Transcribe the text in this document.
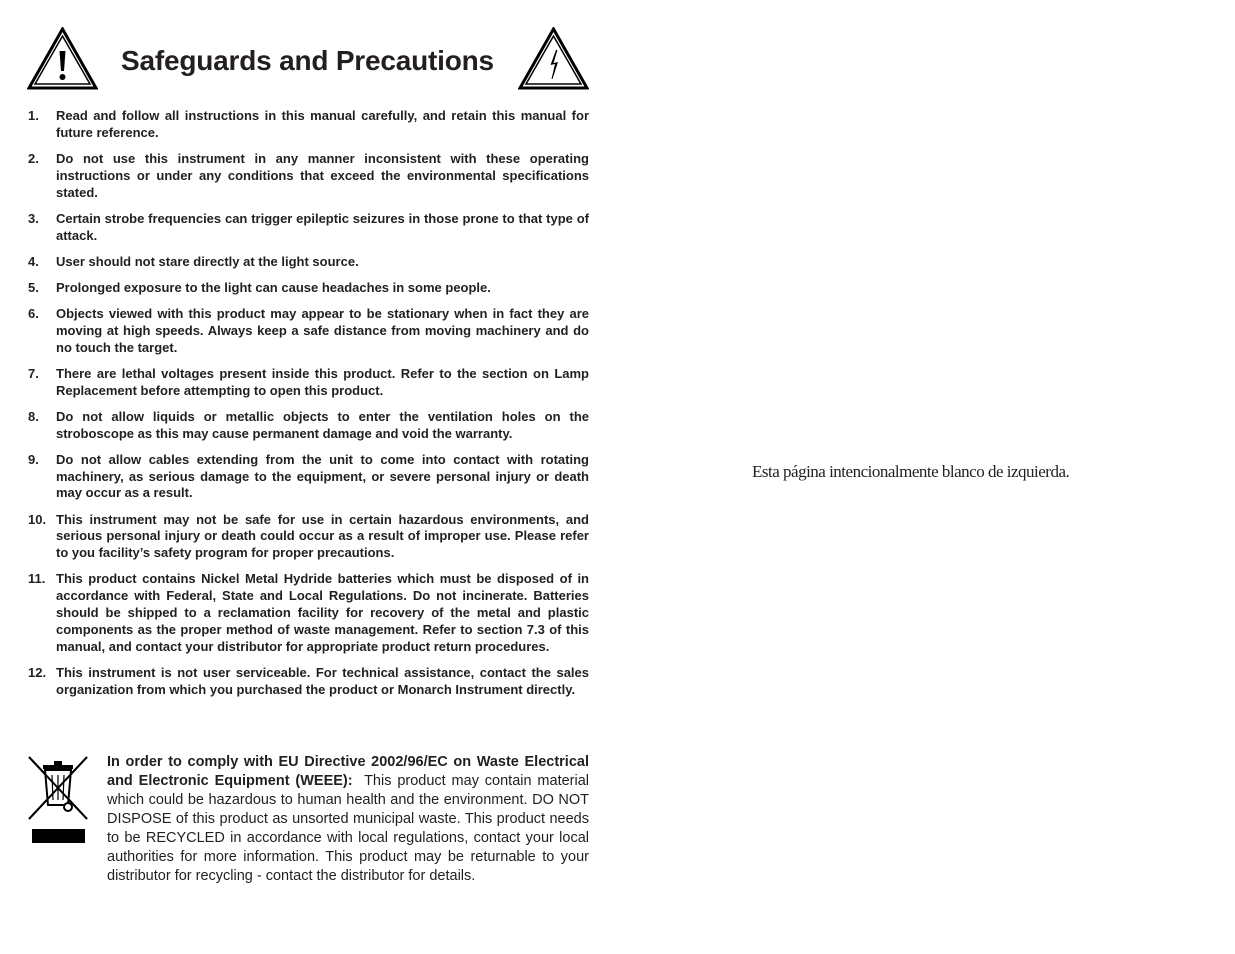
Safeguards and Precautions
1. Read and follow all instructions in this manual carefully, and retain this manual for future reference.
2. Do not use this instrument in any manner inconsistent with these operating instructions or under any conditions that exceed the environmental specifications stated.
3. Certain strobe frequencies can trigger epileptic seizures in those prone to that type of attack.
4. User should not stare directly at the light source.
5. Prolonged exposure to the light can cause headaches in some people.
6. Objects viewed with this product may appear to be stationary when in fact they are moving at high speeds. Always keep a safe distance from moving machinery and do no touch the target.
7. There are lethal voltages present inside this product. Refer to the section on Lamp Replacement before attempting to open this product.
8. Do not allow liquids or metallic objects to enter the ventilation holes on the stroboscope as this may cause permanent damage and void the warranty.
9. Do not allow cables extending from the unit to come into contact with rotating machinery, as serious damage to the equipment, or severe personal injury or death may occur as a result.
10. This instrument may not be safe for use in certain hazardous environments, and serious personal injury or death could occur as a result of improper use. Please refer to you facility’s safety program for proper precautions.
11. This product contains Nickel Metal Hydride batteries which must be disposed of in accordance with Federal, State and Local Regulations. Do not incinerate. Batteries should be shipped to a reclamation facility for recovery of the metal and plastic components as the proper method of waste management. Refer to section 7.3 of this manual, and contact your distributor for appropriate product return procedures.
12. This instrument is not user serviceable. For technical assistance, contact the sales organization from which you purchased the product or Monarch Instrument directly.
In order to comply with EU Directive 2002/96/EC on Waste Electrical and Electronic Equipment (WEEE): This product may contain material which could be hazardous to human health and the environment. DO NOT DISPOSE of this product as unsorted municipal waste. This product needs to be RECYCLED in accordance with local regulations, contact your local authorities for more information. This product may be returnable to your distributor for recycling - contact the distributor for details.
Esta página intencionalmente blanco de izquierda.
